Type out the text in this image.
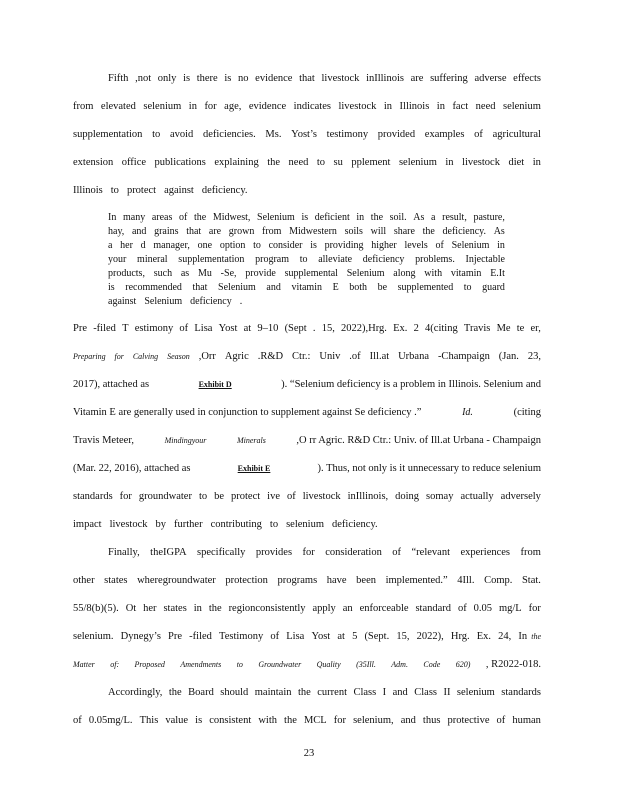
Fifth ,not only is there is no evidence that livestock inIllinois are suffering adverse effects
from elevated selenium in for age, evidence indicates livestock in Illinois in fact need selenium
supplementation to avoid deficiencies. Ms. Yost’s testimony provided examples of agricultural
extension office publications explaining the need to su pplement selenium in livestock diet in
Illinois to protect against deficiency.
In many areas of the Midwest, Selenium is deficient in the soil. As a result, pasture,
hay, and grains that are grown from Midwestern soils will share the deficiency. As
a her d manager, one option to consider is providing higher levels of Selenium in
your mineral supplementation program to alleviate deficiency problems. Injectable
products, such as Mu -Se, provide supplemental Selenium along with vitamin E.It
is recommended that Selenium and vitamin E both be supplemented to guard
against Selenium deficiency .
Pre -filed T estimony of Lisa Yost at 9–10 (Sept . 15, 2022),Hrg. Ex. 2 4(citing Travis Me te er,
Preparing for Calving Season ,Orr Agric .R&D Ctr.: Univ .of Ill.at Urbana -Champaign (Jan. 23,
2017), attached as	Exhibit D	). “Selenium deficiency is a problem in Illinois. Selenium and
Vitamin E are generally used in conjunction to supplement against Se deficiency .”	Id.	(citing
Travis Meteer,	Mindingyour	Minerals	,O rr Agric. R&D Ctr.: Univ. of Ill.at Urbana - Champaign
(Mar. 22, 2016), attached as	Exhibit E	). Thus, not only is it unnecessary to reduce selenium
standards for groundwater to be protect ive of livestock inIllinois, doing somay actually adversely
impact livestock by further contributing to selenium deficiency.
Finally, theIGPA specifically provides for consideration of “relevant experiences from
other states wheregroundwater protection programs have been implemented.” 4Ill. Comp. Stat.
55/8(b)(5). Ot her states in the regionconsistently apply an enforceable standard of 0.05 mg/L for
selenium. Dynegy’s Pre -filed Testimony of Lisa Yost at 5 (Sept. 15, 2022), Hrg. Ex. 24, In the
Matter of: Proposed Amendments to Groundwater Quality (35Ill. Adm. Code 620) , R2022-018.
Accordingly, the Board should maintain the current Class I and Class II selenium standards
of 0.05mg/L. This value is consistent with the MCL for selenium, and thus protective of human
23
